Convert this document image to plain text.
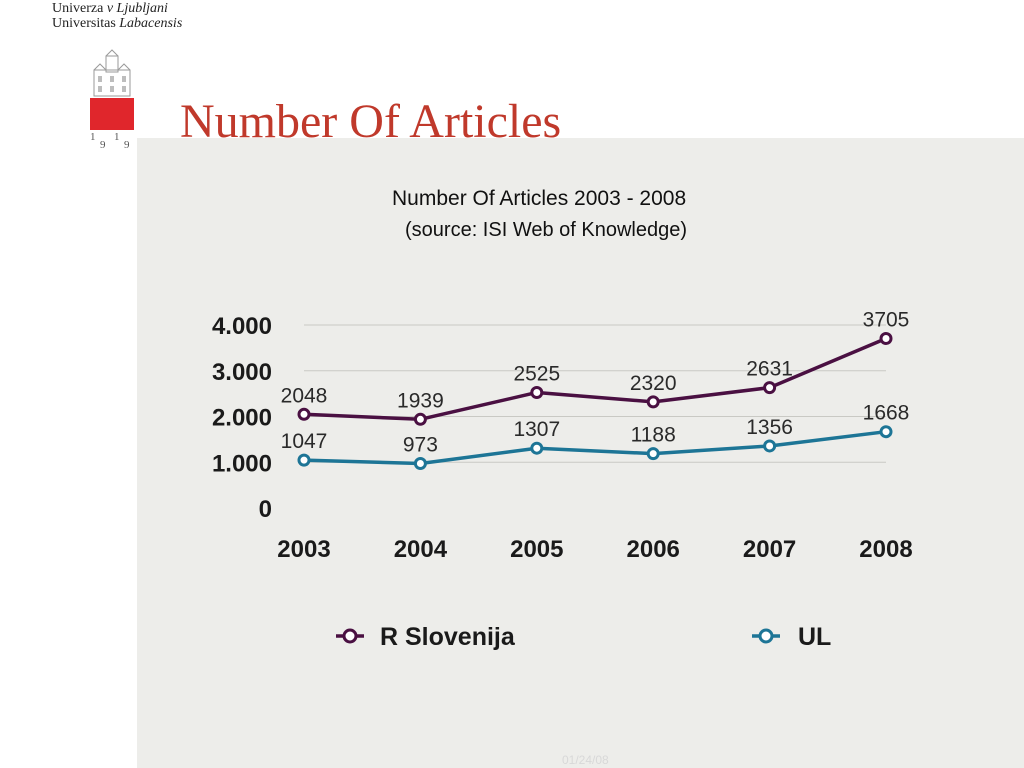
Univerza v Ljubljani
Universitas Labacensis
1
9
1
9 Number Of Articles
Number Of Articles 2003 - 2008
(source: ISI Web of Knowledge)
0
1.000
2.000
3.000
4.000
2003	2004	2005	2006	2007	2008
2048	1939
2525	2320
2631
3705
1047	973
1307	1188	1356
1668
R Slovenija	UL
01/24/08
